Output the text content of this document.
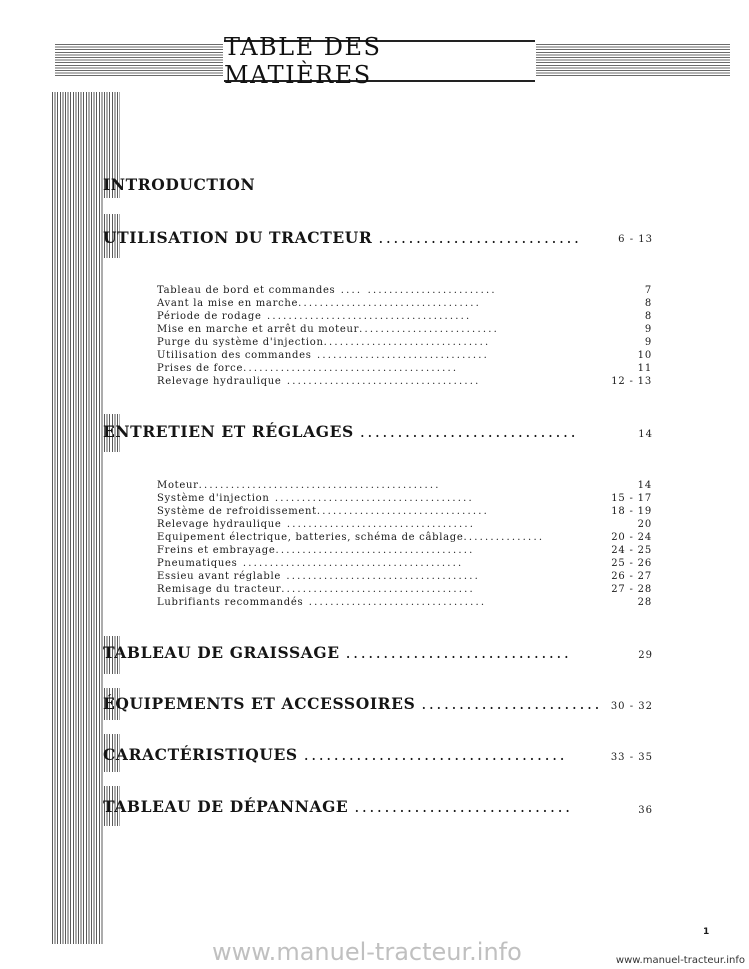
TABLE DES MATIÈRES
INTRODUCTION
UTILISATION DU TRACTEUR ...........................	6 - 13
Tableau de bord et commandes .... ........................	7
Avant la mise en marche..................................	8
Période de rodage ......................................	8
Mise en marche et arrêt du moteur..........................	9
Purge du système d'injection...............................	9
Utilisation des commandes ................................	10
Prises de force........................................	11
Relevage hydraulique ....................................	12 - 13
ENTRETIEN ET RÉGLAGES .............................	14
Moteur.............................................	14
Système d'injection .....................................	15 - 17
Système de refroidissement................................	18 - 19
Relevage hydraulique ...................................	20
Equipement électrique, batteries, schéma de câblage...............	20 - 24
Freins et embrayage.....................................	24 - 25
Pneumatiques .........................................	25 - 26
Essieu avant réglable ....................................	26 - 27
Remisage du tracteur....................................	27 - 28
Lubrifiants recommandés .................................	28
TABLEAU DE GRAISSAGE ..............................	29
ÉQUIPEMENTS ET ACCESSOIRES ........................ 30 - 32
CARACTÉRISTIQUES ...................................	33 - 35
TABLEAU DE DÉPANNAGE .............................	36
1
www.manuel-tracteur.info	www.manuel-tracteur.info
